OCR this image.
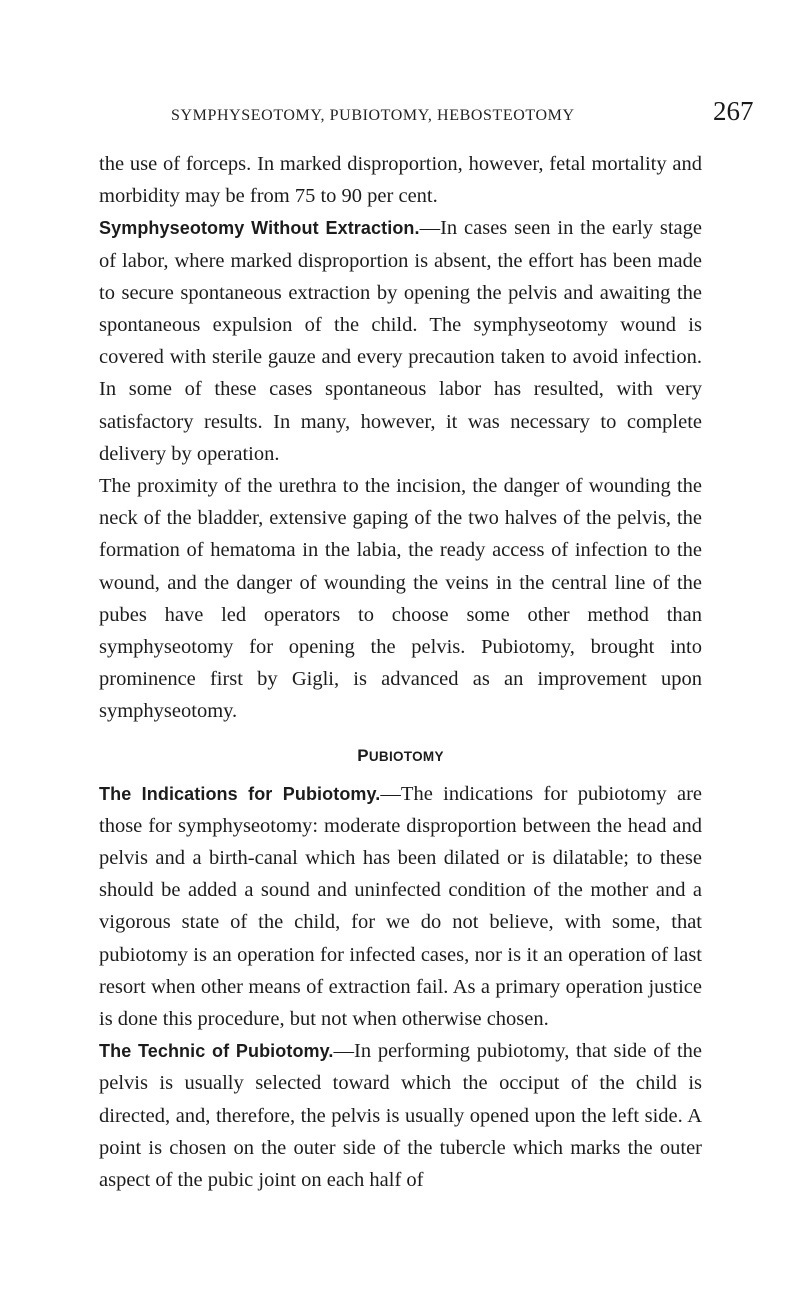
SYMPHYSEOTOMY, PUBIOTOMY, HEBOSTEOTOMY	267

the use of forceps. In marked disproportion, however, fetal mortality and morbidity may be from 75 to 90 per cent.

Symphyseotomy Without Extraction.—In cases seen in the early stage of labor, where marked disproportion is absent, the effort has been made to secure spontaneous extraction by opening the pelvis and awaiting the spontaneous expulsion of the child. The symphyseotomy wound is covered with sterile gauze and every precaution taken to avoid infection. In some of these cases spontaneous labor has resulted, with very satisfactory results. In many, however, it was necessary to complete delivery by operation.

The proximity of the urethra to the incision, the danger of wounding the neck of the bladder, extensive gaping of the two halves of the pelvis, the formation of hematoma in the labia, the ready access of infection to the wound, and the danger of wounding the veins in the central line of the pubes have led operators to choose some other method than symphyseotomy for opening the pelvis. Pubiotomy, brought into prominence first by Gigli, is advanced as an improvement upon symphyseotomy.

PUBIOTOMY

The Indications for Pubiotomy.—The indications for pubiotomy are those for symphyseotomy: moderate disproportion between the head and pelvis and a birth-canal which has been dilated or is dilatable; to these should be added a sound and uninfected condition of the mother and a vigorous state of the child, for we do not believe, with some, that pubiotomy is an operation for infected cases, nor is it an operation of last resort when other means of extraction fail. As a primary operation justice is done this procedure, but not when otherwise chosen.

The Technic of Pubiotomy.—In performing pubiotomy, that side of the pelvis is usually selected toward which the occiput of the child is directed, and, therefore, the pelvis is usually opened upon the left side. A point is chosen on the outer side of the tubercle which marks the outer aspect of the pubic joint on each half of
